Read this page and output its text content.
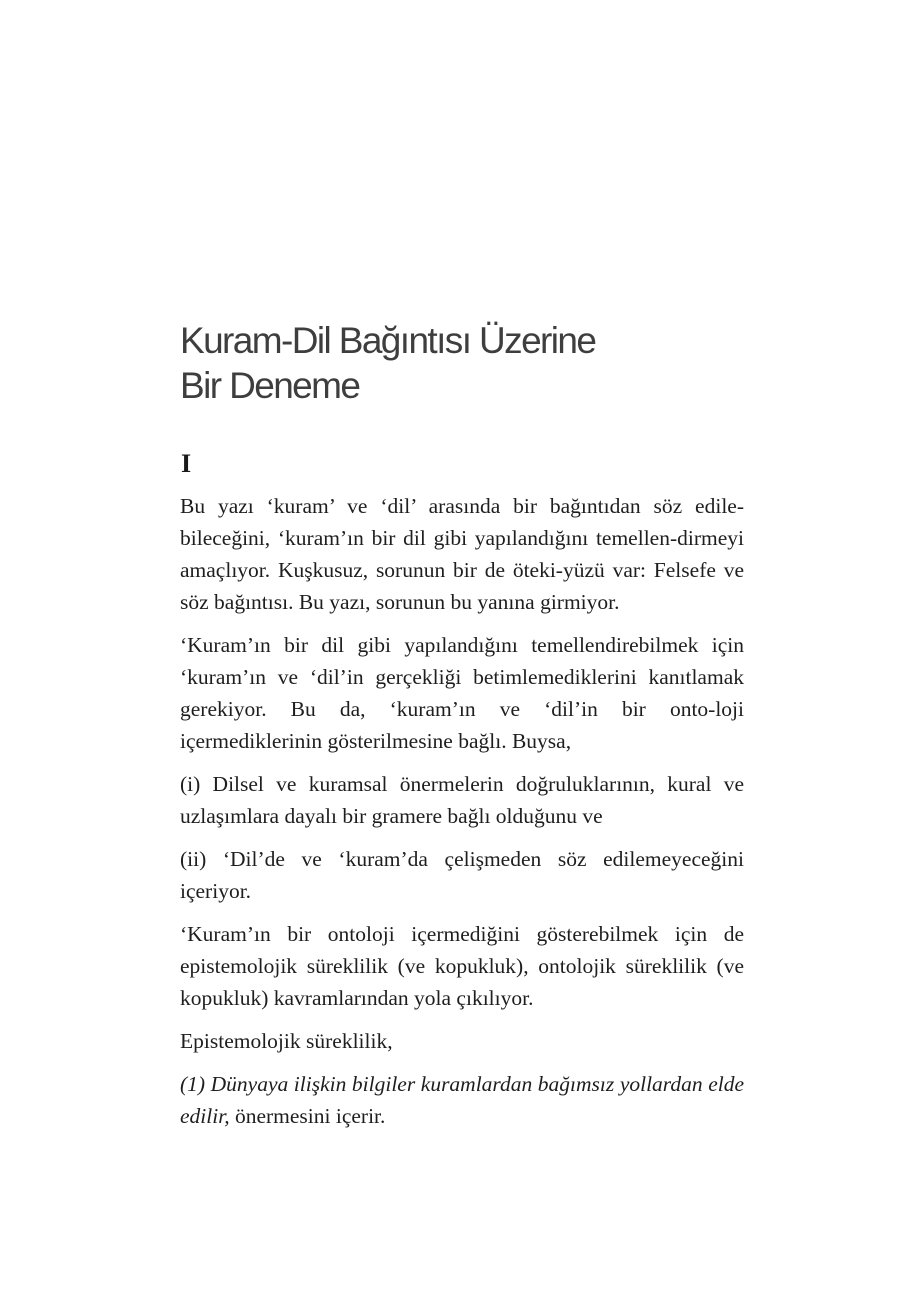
Kuram-Dil Bağıntısı Üzerine
Bir Deneme
I

Bu yazı ‘kuram’ ve ‘dil’ arasında bir bağıntıdan söz edile-bileceğini, ‘kuram’ın bir dil gibi yapılandığını temellen-dirmeyi amaçlıyor. Kuşkusuz, sorunun bir de öteki-yüzü var: Felsefe ve söz bağıntısı. Bu yazı, sorunun bu yanına girmiyor.

‘Kuram’ın bir dil gibi yapılandığını temellendirebilmek için ‘kuram’ın ve ‘dil’in gerçekliği betimlemediklerini kanıtlamak gerekiyor. Bu da, ‘kuram’ın ve ‘dil’in bir onto-loji içermediklerinin gösterilmesine bağlı. Buysa,

(i) Dilsel ve kuramsal önermelerin doğruluklarının, kural ve uzlaşımlara dayalı bir gramere bağlı olduğunu ve

(ii) ‘Dil’de ve ‘kuram’da çelişmeden söz edilemeyeceğini içeriyor.

‘Kuram’ın bir ontoloji içermediğini gösterebilmek için de epistemolojik süreklilik (ve kopukluk), ontolojik süreklilik (ve kopukluk) kavramlarından yola çıkılıyor.

Epistemolojik süreklilik,

(1) Dünyaya ilişkin bilgiler kuramlardan bağımsız yollardan elde edilir, önermesini içerir.
